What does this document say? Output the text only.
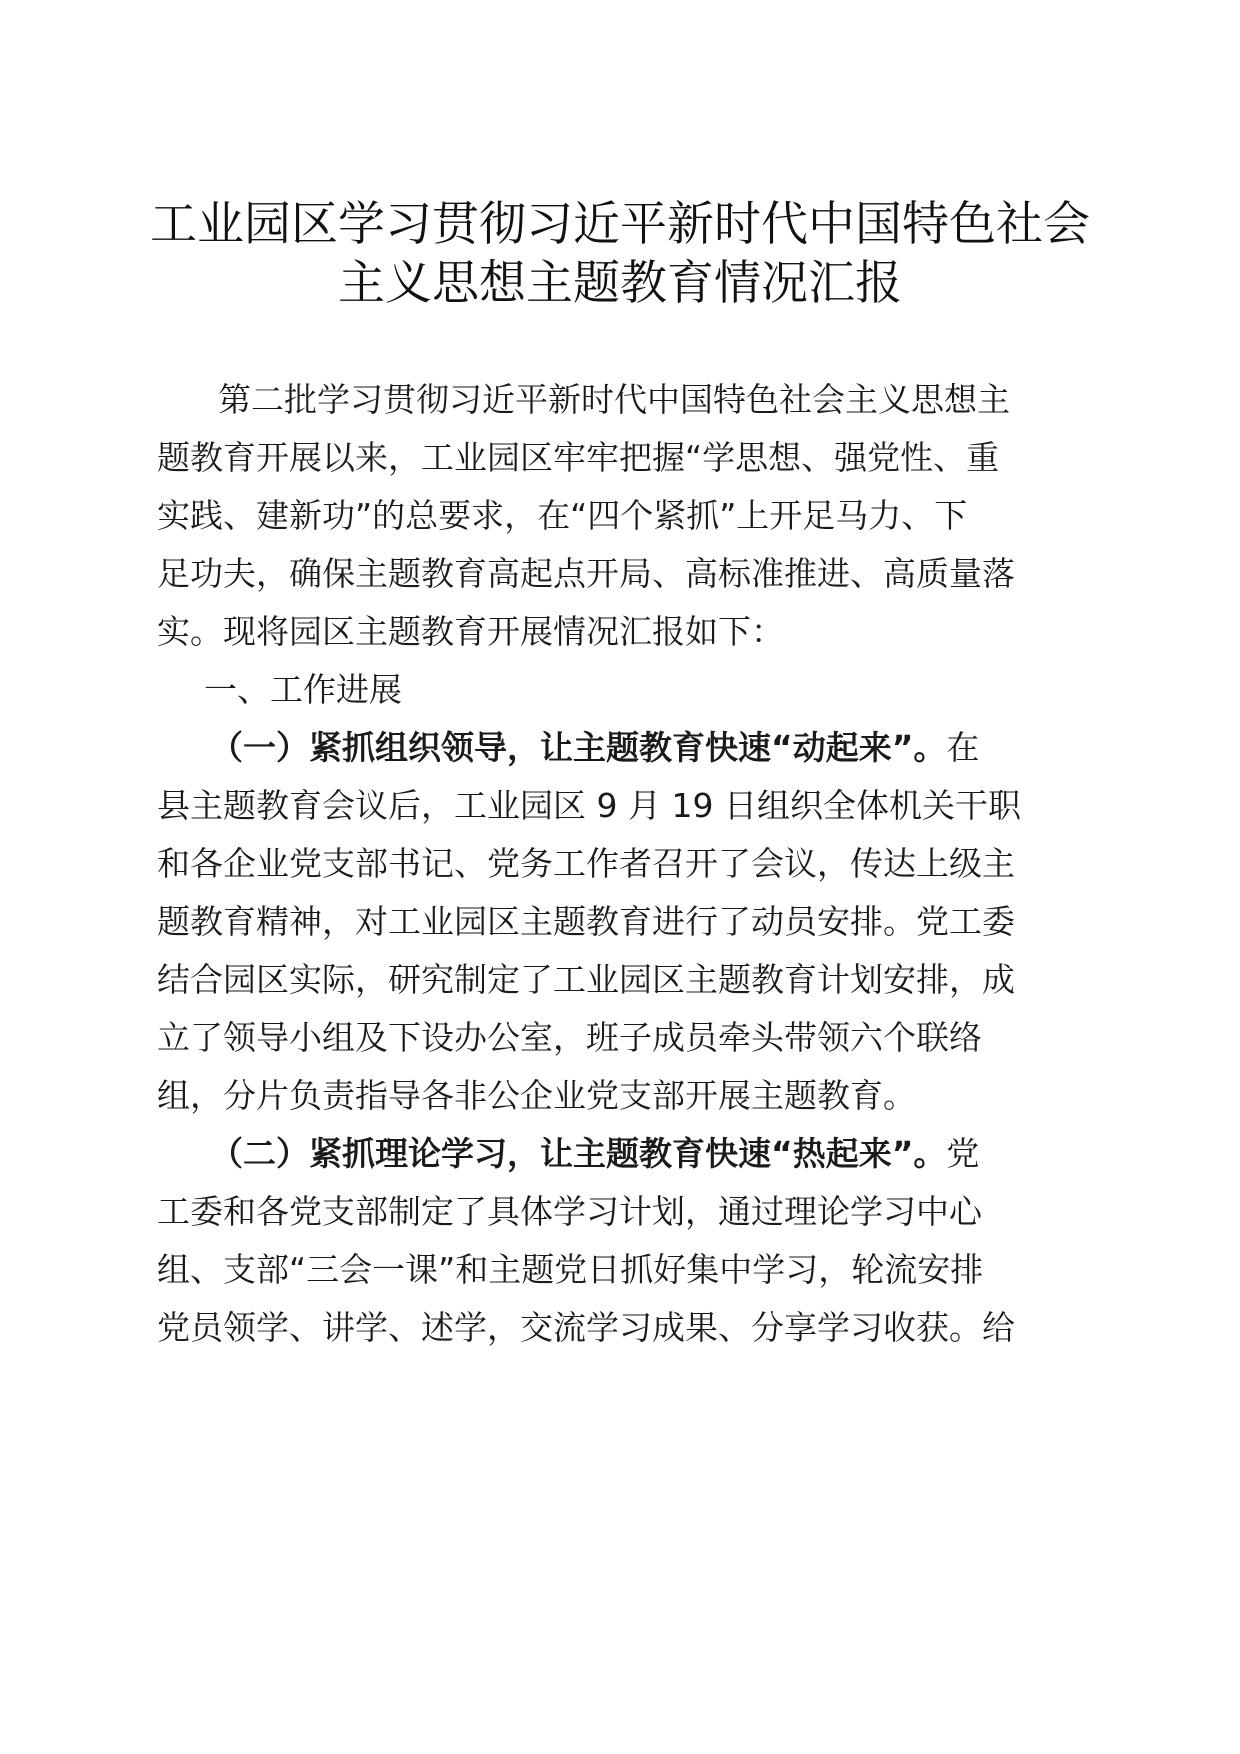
工业园区学习贯彻习近平新时代中国特色社会
主义思想主题教育情况汇报
第二批学习贯彻习近平新时代中国特色社会主义思想主
题教育开展以来，工业园区牢牢把握“学思想、强党性、重
实践、建新功”的总要求，在“四个紧抓”上开足马力、下
足功夫，确保主题教育高起点开局、高标准推进、高质量落
实。现将园区主题教育开展情况汇报如下：
一、工作进展
（一）紧抓组织领导，让主题教育快速“动起来”。在
县主题教育会议后，工业园区 9 月 19 日组织全体机关干职
和各企业党支部书记、党务工作者召开了会议，传达上级主
题教育精神，对工业园区主题教育进行了动员安排。党工委
结合园区实际，研究制定了工业园区主题教育计划安排，成
立了领导小组及下设办公室，班子成员牵头带领六个联络
组，分片负责指导各非公企业党支部开展主题教育。
（二）紧抓理论学习，让主题教育快速“热起来”。党
工委和各党支部制定了具体学习计划，通过理论学习中心
组、支部“三会一课”和主题党日抓好集中学习，轮流安排
党员领学、讲学、述学，交流学习成果、分享学习收获。给
